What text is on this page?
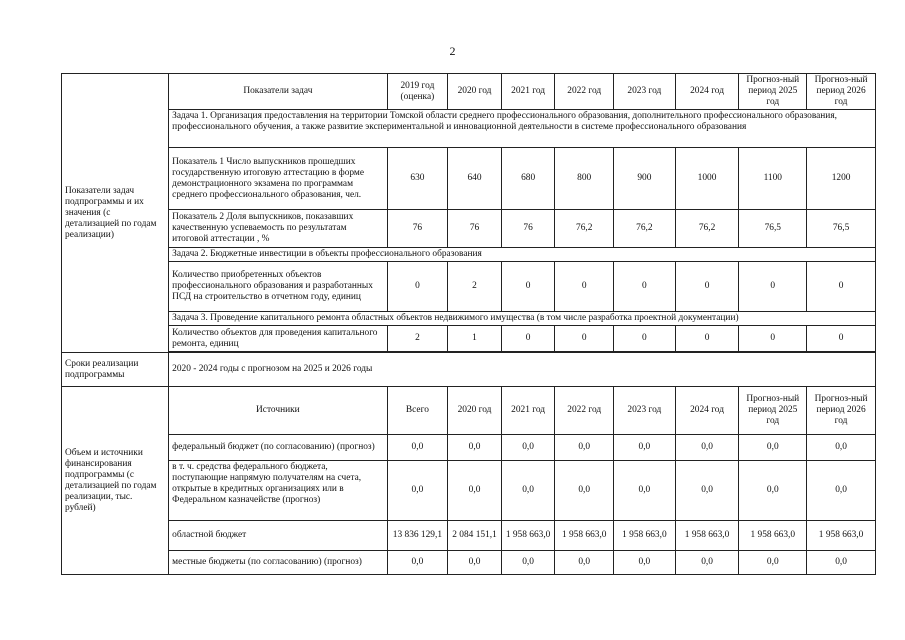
2
Показатели задач подпрограммы и их значения (с детализацией по годам реализации)	Показатели задач	2019 год (оценка)	2020 год	2021 год	2022 год	2023 год	2024 год	Прогноз-ный период 2025 год	Прогноз-ный период 2026 год
	Задача 1. Организация предоставления на территории Томской области среднего профессионального образования, дополнительного профессионального образования, профессионального обучения, а также развитие экспериментальной и инновационной деятельности в системе профессионального образования								
	Показатель 1 Число выпускников прошедших государственную итоговую аттестацию в форме демонстрационного экзамена по программам среднего профессионального образования, чел.	630	640	680	800	900	1000	1100	1200
	Показатель 2 Доля выпускников, показавших качественную успеваемость по результатам итоговой аттестации , %	76	76	76	76,2	76,2	76,2	76,5	76,5
	Задача 2. Бюджетные инвестиции в объекты профессионального образования								
	Количество приобретенных объектов профессионального образования и разработанных ПСД на строительство в отчетном году, единиц	0	2	0	0	0	0	0	0
	Задача 3. Проведение капитального ремонта областных объектов недвижимого имущества (в том числе разработка проектной документации)								
	Количество объектов для проведения капитального ремонта, единиц	2	1	0	0	0	0	0	0

Сроки реализации подпрограммы	2020 - 2024 годы с прогнозом на 2025 и 2026 годы								
Объем и источники финансирования подпрограммы (с детализацией по годам реализации, тыс. рублей)	Источники	Всего	2020 год	2021 год	2022 год	2023 год	2024 год	Прогноз-ный период 2025 год	Прогноз-ный период 2026 год
	федеральный бюджет (по согласованию) (прогноз)	0,0	0,0	0,0	0,0	0,0	0,0	0,0	0,0
	в т. ч. средства федерального бюджета, поступающие напрямую получателям на счета, открытые в кредитных организациях или в Федеральном казначействе (прогноз)	0,0	0,0	0,0	0,0	0,0	0,0	0,0	0,0
	областной бюджет	13 836 129,1	2 084 151,1	1 958 663,0	1 958 663,0	1 958 663,0	1 958 663,0	1 958 663,0	1 958 663,0
	местные бюджеты (по согласованию) (прогноз)	0,0	0,0	0,0	0,0	0,0	0,0	0,0	0,0
